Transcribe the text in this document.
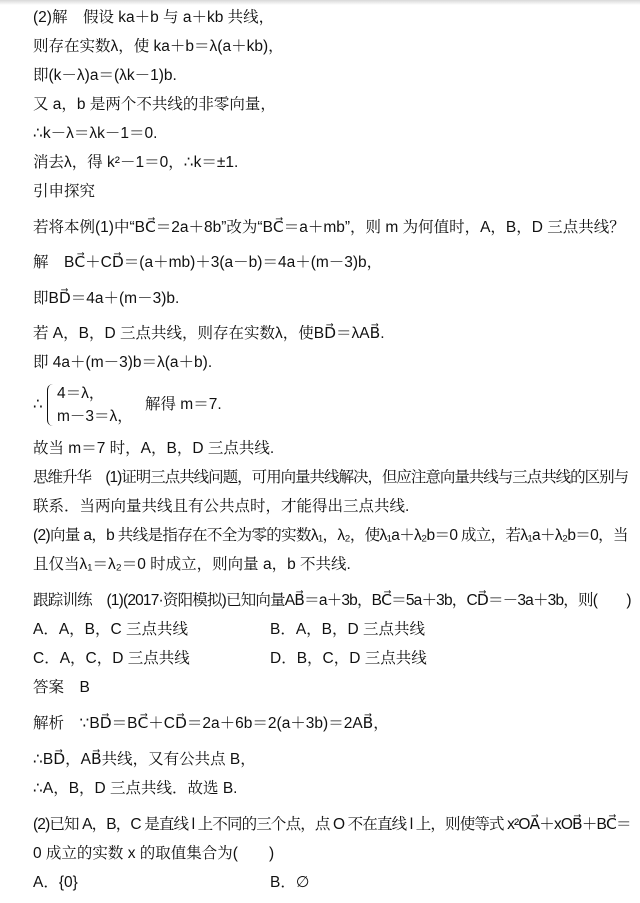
(2)解　假设 ka＋b 与 a＋kb 共线，
则存在实数λ，使 ka＋b＝λ(a＋kb)，
即(k－λ)a＝(λk－1)b.
又 a，b 是两个不共线的非零向量，
∴k－λ＝λk－1＝0.
消去λ，得 k²－1＝0，∴k＝±1.
引申探究
若将本例(1)中“BC⃗＝2a＋8b”改为“BC⃗＝a＋mb”，则 m 为何值时，A，B，D 三点共线？
解　BC⃗＋CD⃗＝(a＋mb)＋3(a－b)＝4a＋(m－3)b，
即BD⃗＝4a＋(m－3)b.
若 A，B，D 三点共线，则存在实数λ，使BD⃗＝λAB⃗.
即 4a＋(m－3)b＝λ(a＋b).
∴
4＝λ，
m－3＝λ，
解得 m＝7.
故当 m＝7 时，A，B，D 三点共线.
思维升华　(1)证明三点共线问题，可用向量共线解决，但应注意向量共线与三点共线的区别与
联系．当两向量共线且有公共点时，才能得出三点共线.
(2)向量 a，b 共线是指存在不全为零的实数λ₁，λ₂，使λ₁a＋λ₂b＝0 成立，若λ₁a＋λ₂b＝0，当
且仅当λ₁＝λ₂＝0 时成立，则向量 a，b 不共线.
跟踪训练　(1)(2017·资阳模拟)已知向量AB⃗＝a＋3b，BC⃗＝5a＋3b，CD⃗＝－3a＋3b，则(　　)
A．A，B，C 三点共线	B．A，B，D 三点共线
C．A，C，D 三点共线	D．B，C，D 三点共线
答案　B
解析　∵BD⃗＝BC⃗＋CD⃗＝2a＋6b＝2(a＋3b)＝2AB⃗，
∴BD⃗，AB⃗共线，又有公共点 B，
∴A，B，D 三点共线．故选 B.
(2)已知 A，B，C 是直线 l 上不同的三个点，点 O 不在直线 l 上，则使等式 x²OA⃗＋xOB⃗＋BC⃗＝
0 成立的实数 x 的取值集合为(　　)
A．{0}	B．∅
